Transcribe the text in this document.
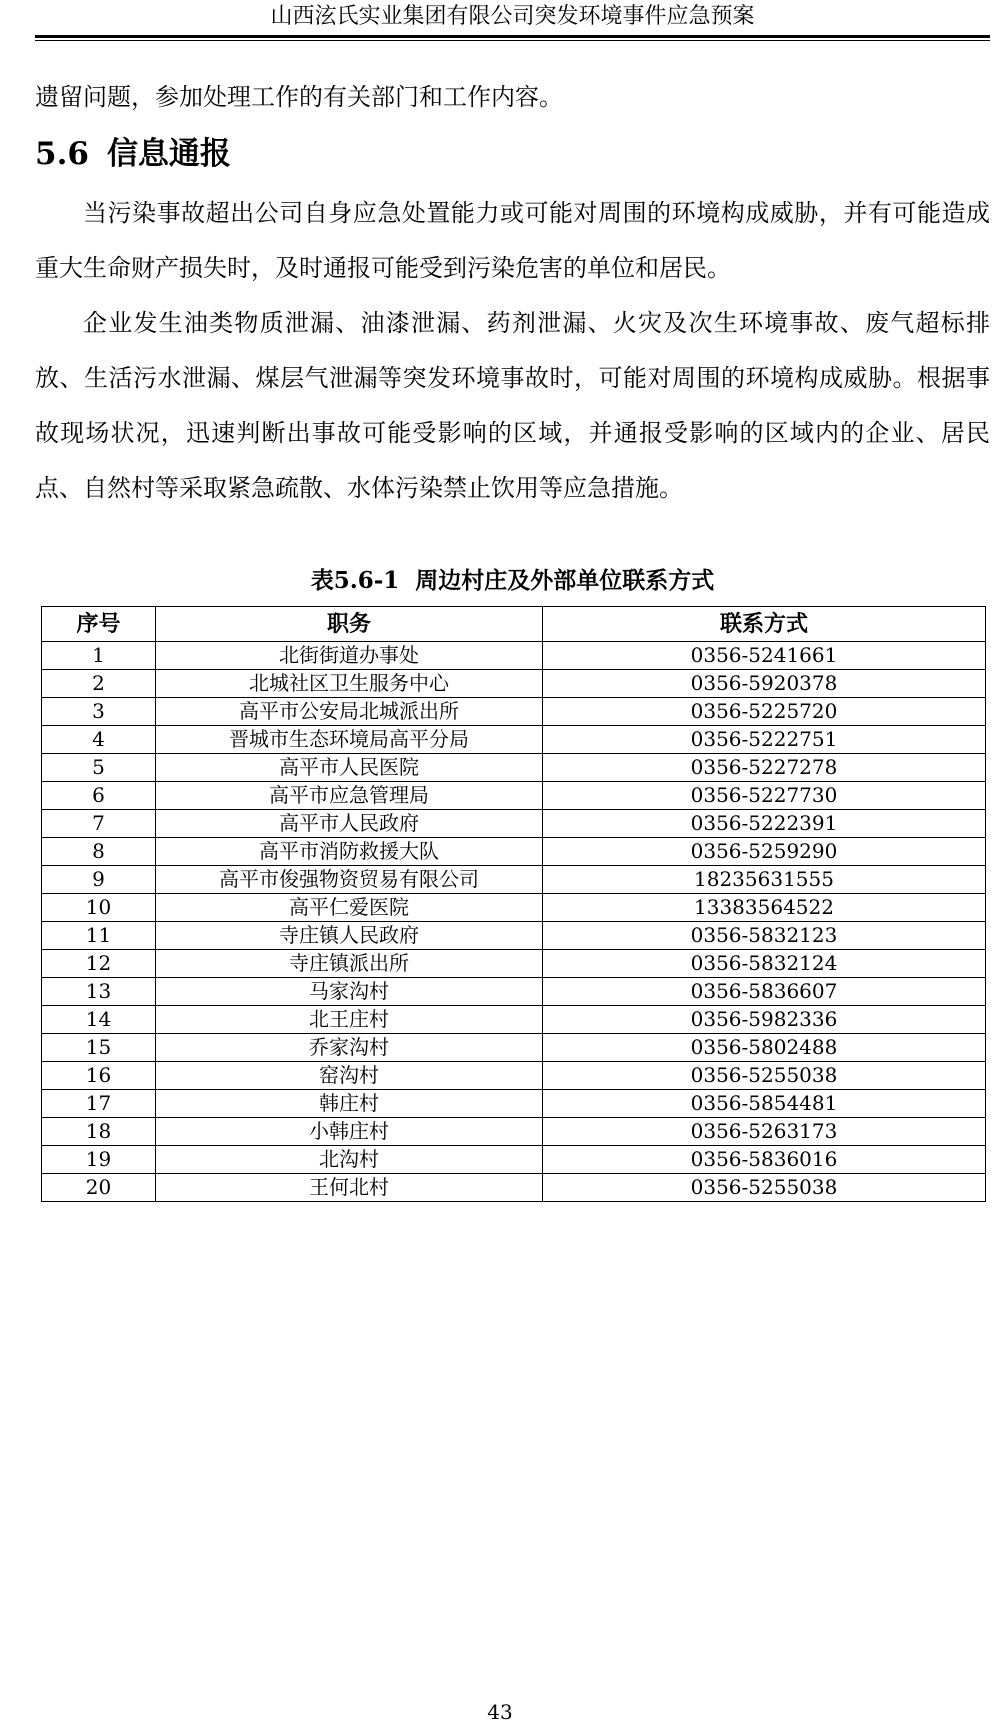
山西泫氏实业集团有限公司突发环境事件应急预案

遗留问题，参加处理工作的有关部门和工作内容。

5.6 信息通报

当污染事故超出公司自身应急处置能力或可能对周围的环境构成威胁，并有可能造成重大生命财产损失时，及时通报可能受到污染危害的单位和居民。

企业发生油类物质泄漏、油漆泄漏、药剂泄漏、火灾及次生环境事故、废气超标排放、生活污水泄漏、煤层气泄漏等突发环境事故时，可能对周围的环境构成威胁。根据事故现场状况，迅速判断出事故可能受影响的区域，并通报受影响的区域内的企业、居民点、自然村等采取紧急疏散、水体污染禁止饮用等应急措施。

表5.6-1 周边村庄及外部单位联系方式

序号	职务	联系方式
1	北街街道办事处	0356-5241661
2	北城社区卫生服务中心	0356-5920378
3	高平市公安局北城派出所	0356-5225720
4	晋城市生态环境局高平分局	0356-5222751
5	高平市人民医院	0356-5227278
6	高平市应急管理局	0356-5227730
7	高平市人民政府	0356-5222391
8	高平市消防救援大队	0356-5259290
9	高平市俊强物资贸易有限公司	18235631555
10	高平仁爱医院	13383564522
11	寺庄镇人民政府	0356-5832123
12	寺庄镇派出所	0356-5832124
13	马家沟村	0356-5836607
14	北王庄村	0356-5982336
15	乔家沟村	0356-5802488
16	窑沟村	0356-5255038
17	韩庄村	0356-5854481
18	小韩庄村	0356-5263173
19	北沟村	0356-5836016
20	王何北村	0356-5255038
43
